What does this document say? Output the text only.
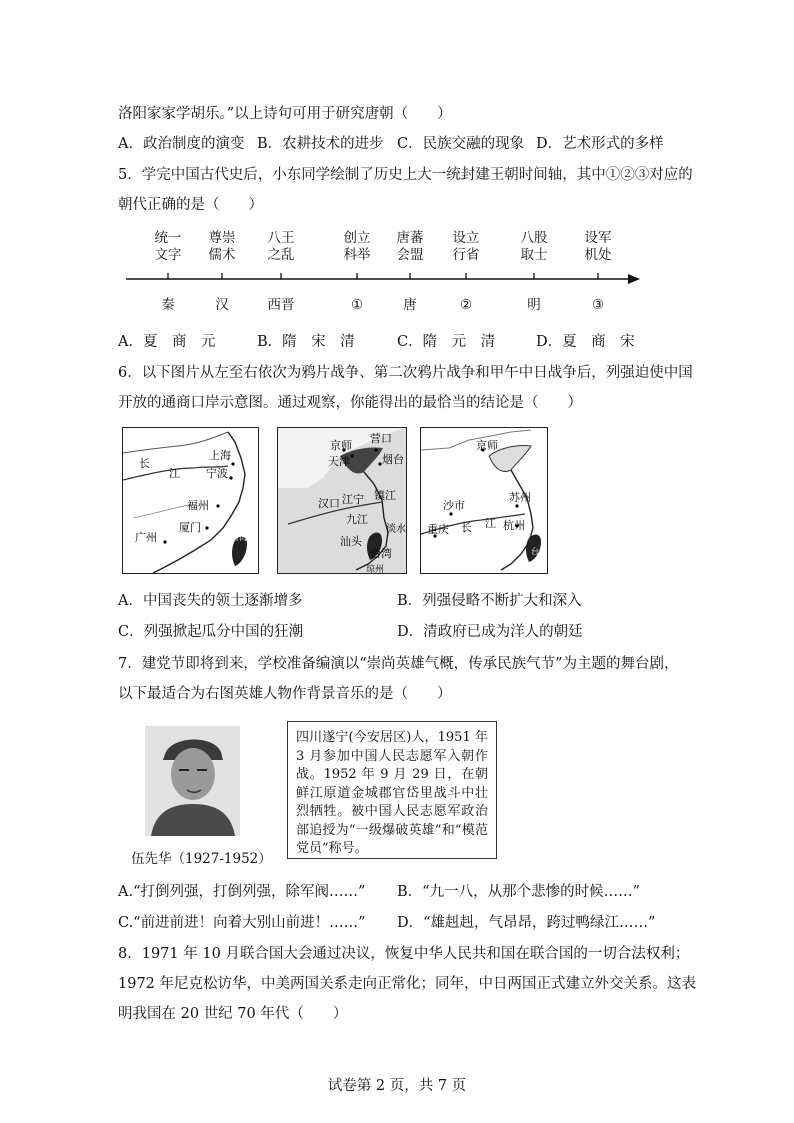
洛阳家家学胡乐。”以上诗句可用于研究唐朝（　　）
A．政治制度的演变 B．农耕技术的进步 C．民族交融的现象 D．艺术形式的多样
5．学完中国古代史后，小东同学绘制了历史上大一统封建王朝时间轴，其中①②③对应的
朝代正确的是（　　）
统一
文字
尊崇
儒术
八王
之乱
创立
科举
唐蕃
会盟
设立
行省
八股
取士
设军
机处
秦	汉	西晋	①	唐	②	明	③
A．夏　商　元	B．隋　宋　清	C．隋　元　清	D．夏　商　宋
6．以下图片从左至右依次为鸦片战争、第二次鸦片战争和甲午中日战争后，列强迫使中国
开放的通商口岸示意图。通过观察，你能得出的最恰当的结论是（　　）
长
江
上海
宁波
福州
厦门
广州	台湾
京师
天津
营口
烟台
镇江
汉口 江宁
九江
淡水
汕头
台湾
琼州
京师
沙市
苏州
长 江 杭州
重庆
台湾
A．中国丧失的领土逐渐增多	B．列强侵略不断扩大和深入
C．列强掀起瓜分中国的狂潮	D．清政府已成为洋人的朝廷
7．建党节即将到来，学校准备编演以“崇尚英雄气概，传承民族气节”为主题的舞台剧，
以下最适合为右图英雄人物作背景音乐的是（　　）
伍先华（1927-1952）
四川遂宁(今安居区)人，1951 年 3 月参加中国人民志愿军入朝作战。1952 年 9 月 29 日，在朝鲜江原道金城郡官岱里战斗中壮烈牺牲。被中国人民志愿军政治部追授为“一级爆破英雄”和“模范党员”称号。
A.“打倒列强，打倒列强，除军阀……” B．“九一八，从那个悲惨的时候……”
C.“前进前进！向着大别山前进！……” D．“雄赳赳，气昂昂，跨过鸭绿江……”
8．1971 年 10 月联合国大会通过决议，恢复中华人民共和国在联合国的一切合法权利；
1972 年尼克松访华，中美两国关系走向正常化；同年，中日两国正式建立外交关系。这表
明我国在 20 世纪 70 年代（　　）
试卷第 2 页，共 7 页
